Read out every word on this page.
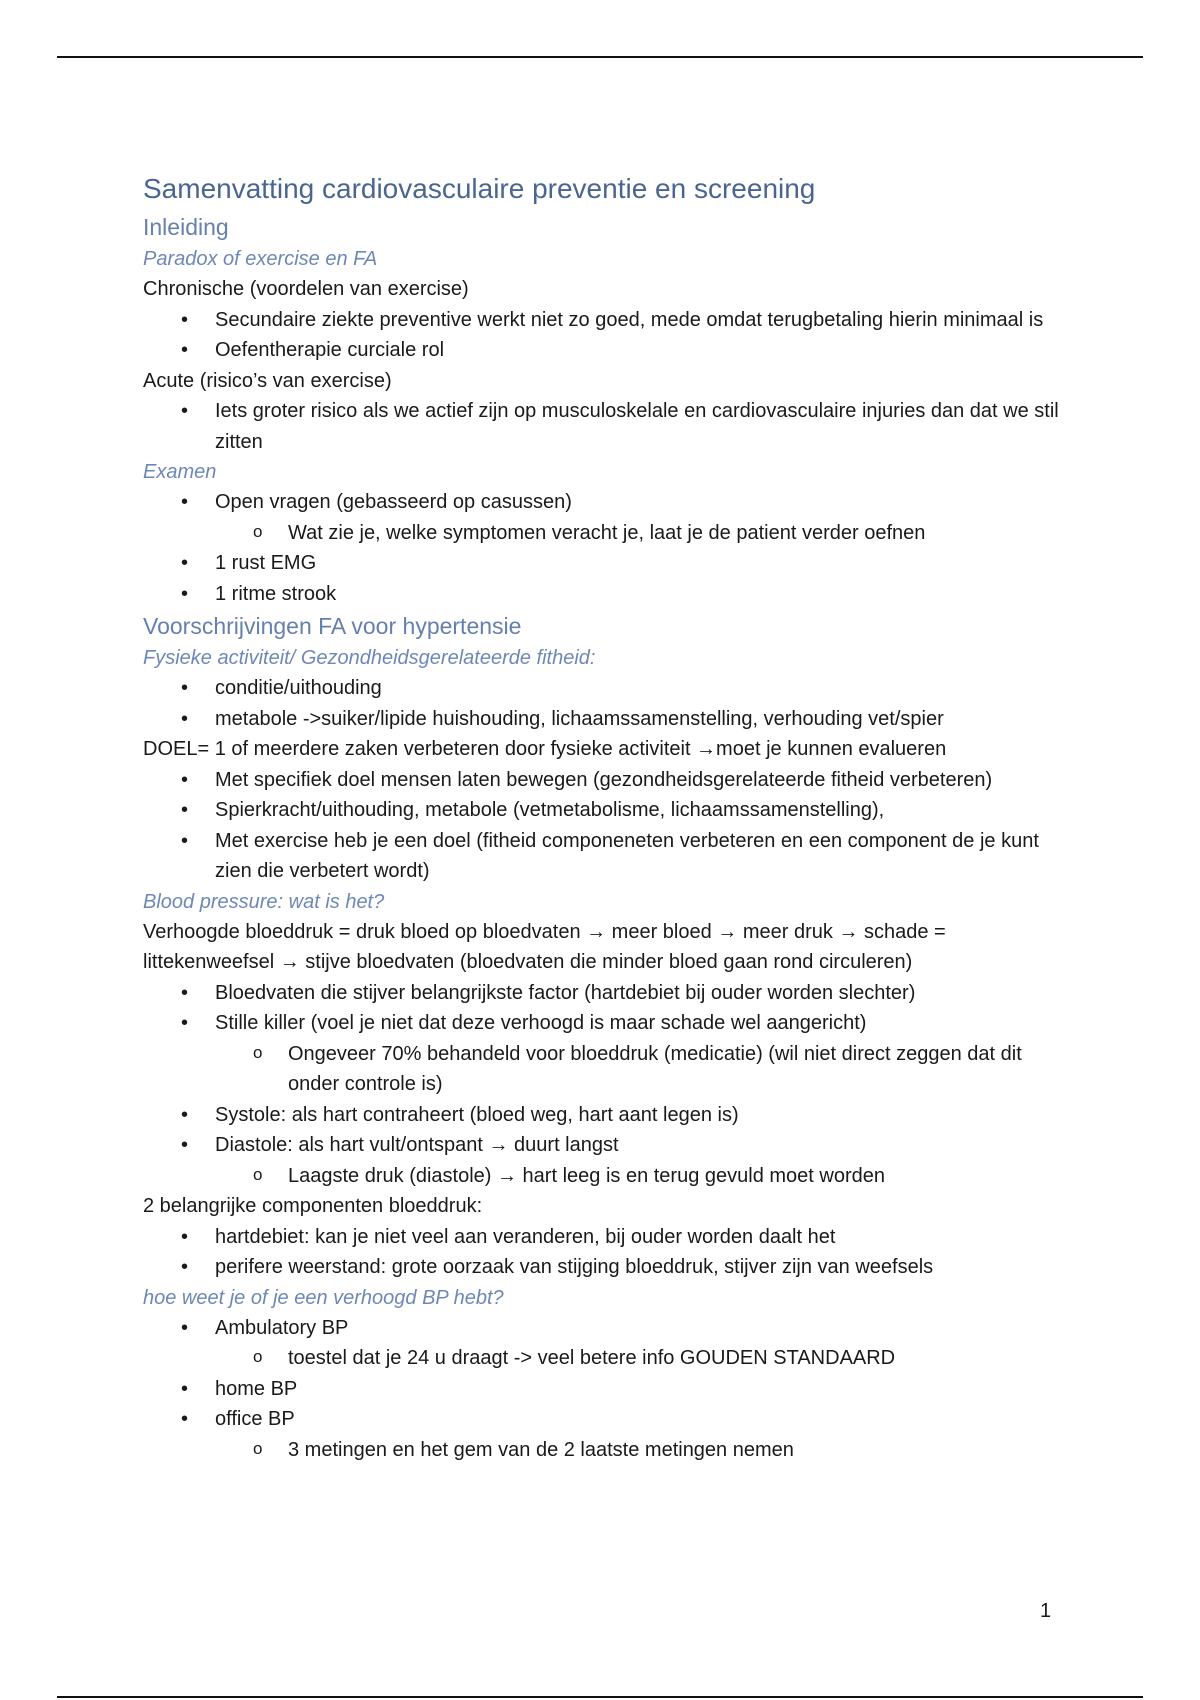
Samenvatting cardiovasculaire preventie en screening
Inleiding
Paradox of exercise en FA
Chronische (voordelen van exercise)
• Secundaire ziekte preventive werkt niet zo goed, mede omdat terugbetaling hierin minimaal is
• Oefentherapie curciale rol
Acute (risico’s van exercise)
• Iets groter risico als we actief zijn op musculoskelale en cardiovasculaire injuries dan dat we stil zitten
Examen
• Open vragen (gebasseerd op casussen)
o Wat zie je, welke symptomen veracht je, laat je de patient verder oefnen
• 1 rust EMG
• 1 ritme strook
Voorschrijvingen FA voor hypertensie
Fysieke activiteit/ Gezondheidsgerelateerde fitheid:
• conditie/uithouding
• metabole ->suiker/lipide huishouding, lichaamssamenstelling, verhouding vet/spier
DOEL= 1 of meerdere zaken verbeteren door fysieke activiteit →moet je kunnen evalueren
• Met specifiek doel mensen laten bewegen (gezondheidsgerelateerde fitheid verbeteren)
• Spierkracht/uithouding, metabole (vetmetabolisme, lichaamssamenstelling),
• Met exercise heb je een doel (fitheid componeneten verbeteren en een component de je kunt zien die verbetert wordt)
Blood pressure: wat is het?
Verhoogde bloeddruk = druk bloed op bloedvaten → meer bloed → meer druk → schade = littekenweefsel → stijve bloedvaten (bloedvaten die minder bloed gaan rond circuleren)
• Bloedvaten die stijver belangrijkste factor (hartdebiet bij ouder worden slechter)
• Stille killer (voel je niet dat deze verhoogd is maar schade wel aangericht)
o Ongeveer 70% behandeld voor bloeddruk (medicatie) (wil niet direct zeggen dat dit onder controle is)
• Systole: als hart contraheert (bloed weg, hart aant legen is)
• Diastole: als hart vult/ontspant → duurt langst
o Laagste druk (diastole) → hart leeg is en terug gevuld moet worden
2 belangrijke componenten bloeddruk:
• hartdebiet: kan je niet veel aan veranderen, bij ouder worden daalt het
• perifere weerstand: grote oorzaak van stijging bloeddruk, stijver zijn van weefsels
hoe weet je of je een verhoogd BP hebt?
• Ambulatory BP
o toestel dat je 24 u draagt -> veel betere info GOUDEN STANDAARD
• home BP
• office BP
o 3 metingen en het gem van de 2 laatste metingen nemen
1
